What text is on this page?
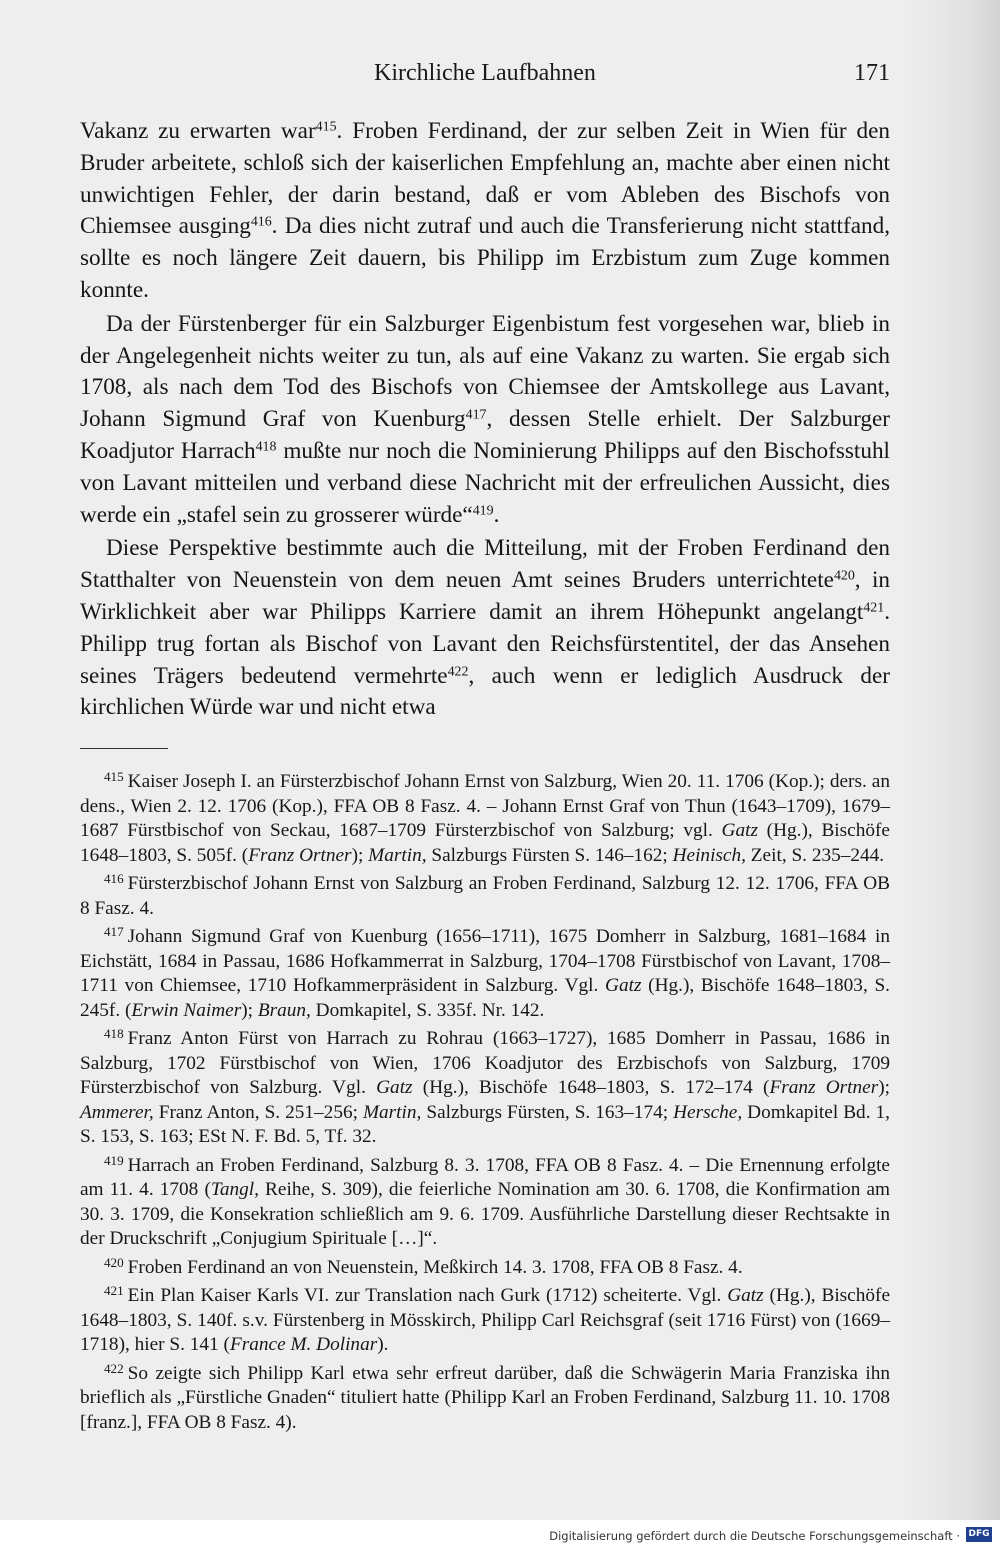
Kirchliche Laufbahnen	171

Vakanz zu erwarten war$^{415}$. Froben Ferdinand, der zur selben Zeit in Wien für den Bruder arbeitete, schloß sich der kaiserlichen Empfehlung an, machte aber einen nicht unwichtigen Fehler, der darin bestand, daß er vom Ableben des Bischofs von Chiemsee ausging$^{416}$. Da dies nicht zutraf und auch die Transferierung nicht stattfand, sollte es noch längere Zeit dauern, bis Philipp im Erzbistum zum Zuge kommen konnte.

Da der Fürstenberger für ein Salzburger Eigenbistum fest vorgesehen war, blieb in der Angelegenheit nichts weiter zu tun, als auf eine Vakanz zu warten. Sie ergab sich 1708, als nach dem Tod des Bischofs von Chiemsee der Amtskollege aus Lavant, Johann Sigmund Graf von Kuenburg$^{417}$, dessen Stelle erhielt. Der Salzburger Koadjutor Harrach$^{418}$ mußte nur noch die Nominierung Philipps auf den Bischofsstuhl von Lavant mitteilen und verband diese Nachricht mit der erfreulichen Aussicht, dies werde ein „stafel sein zu grosserer würde“$^{419}$.

Diese Perspektive bestimmte auch die Mitteilung, mit der Froben Ferdinand den Statthalter von Neuenstein von dem neuen Amt seines Bruders unterrichtete$^{420}$, in Wirklichkeit aber war Philipps Karriere damit an ihrem Höhepunkt angelangt$^{421}$. Philipp trug fortan als Bischof von Lavant den Reichsfürstentitel, der das Ansehen seines Trägers bedeutend vermehrte$^{422}$, auch wenn er lediglich Ausdruck der kirchlichen Würde war und nicht etwa

$^{415}$ Kaiser Joseph I. an Fürsterzbischof Johann Ernst von Salzburg, Wien 20. 11. 1706 (Kop.); ders. an dens., Wien 2. 12. 1706 (Kop.), FFA OB 8 Fasz. 4. – Johann Ernst Graf von Thun (1643–1709), 1679–1687 Fürstbischof von Seckau, 1687–1709 Fürsterzbischof von Salzburg; vgl. Gatz (Hg.), Bischöfe 1648–1803, S. 505f. (Franz Ortner); Martin, Salzburgs Fürsten S. 146–162; Heinisch, Zeit, S. 235–244.

$^{416}$ Fürsterzbischof Johann Ernst von Salzburg an Froben Ferdinand, Salzburg 12. 12. 1706, FFA OB 8 Fasz. 4.

$^{417}$ Johann Sigmund Graf von Kuenburg (1656–1711), 1675 Domherr in Salzburg, 1681–1684 in Eichstätt, 1684 in Passau, 1686 Hofkammerrat in Salzburg, 1704–1708 Fürstbischof von Lavant, 1708–1711 von Chiemsee, 1710 Hofkammerpräsident in Salzburg. Vgl. Gatz (Hg.), Bischöfe 1648–1803, S. 245f. (Erwin Naimer); Braun, Domkapitel, S. 335f. Nr. 142.

$^{418}$ Franz Anton Fürst von Harrach zu Rohrau (1663–1727), 1685 Domherr in Passau, 1686 in Salzburg, 1702 Fürstbischof von Wien, 1706 Koadjutor des Erzbischofs von Salzburg, 1709 Fürsterzbischof von Salzburg. Vgl. Gatz (Hg.), Bischöfe 1648–1803, S. 172–174 (Franz Ortner); Ammerer, Franz Anton, S. 251–256; Martin, Salzburgs Fürsten, S. 163–174; Hersche, Domkapitel Bd. 1, S. 153, S. 163; ESt N. F. Bd. 5, Tf. 32.

$^{419}$ Harrach an Froben Ferdinand, Salzburg 8. 3. 1708, FFA OB 8 Fasz. 4. – Die Ernennung erfolgte am 11. 4. 1708 (Tangl, Reihe, S. 309), die feierliche Nomination am 30. 6. 1708, die Konfirmation am 30. 3. 1709, die Konsekration schließlich am 9. 6. 1709. Ausführliche Darstellung dieser Rechtsakte in der Druckschrift „Conjugium Spirituale […]“.

$^{420}$ Froben Ferdinand an von Neuenstein, Meßkirch 14. 3. 1708, FFA OB 8 Fasz. 4.

$^{421}$ Ein Plan Kaiser Karls VI. zur Translation nach Gurk (1712) scheiterte. Vgl. Gatz (Hg.), Bischöfe 1648–1803, S. 140f. s.v. Fürstenberg in Mösskirch, Philipp Carl Reichsgraf (seit 1716 Fürst) von (1669–1718), hier S. 141 (France M. Dolinar).

$^{422}$ So zeigte sich Philipp Karl etwa sehr erfreut darüber, daß die Schwägerin Maria Franziska ihn brieflich als „Fürstliche Gnaden“ tituliert hatte (Philipp Karl an Froben Ferdinand, Salzburg 11. 10. 1708 [franz.], FFA OB 8 Fasz. 4).

Digitalisierung gefördert durch die Deutsche Forschungsgemeinschaft · DFG
